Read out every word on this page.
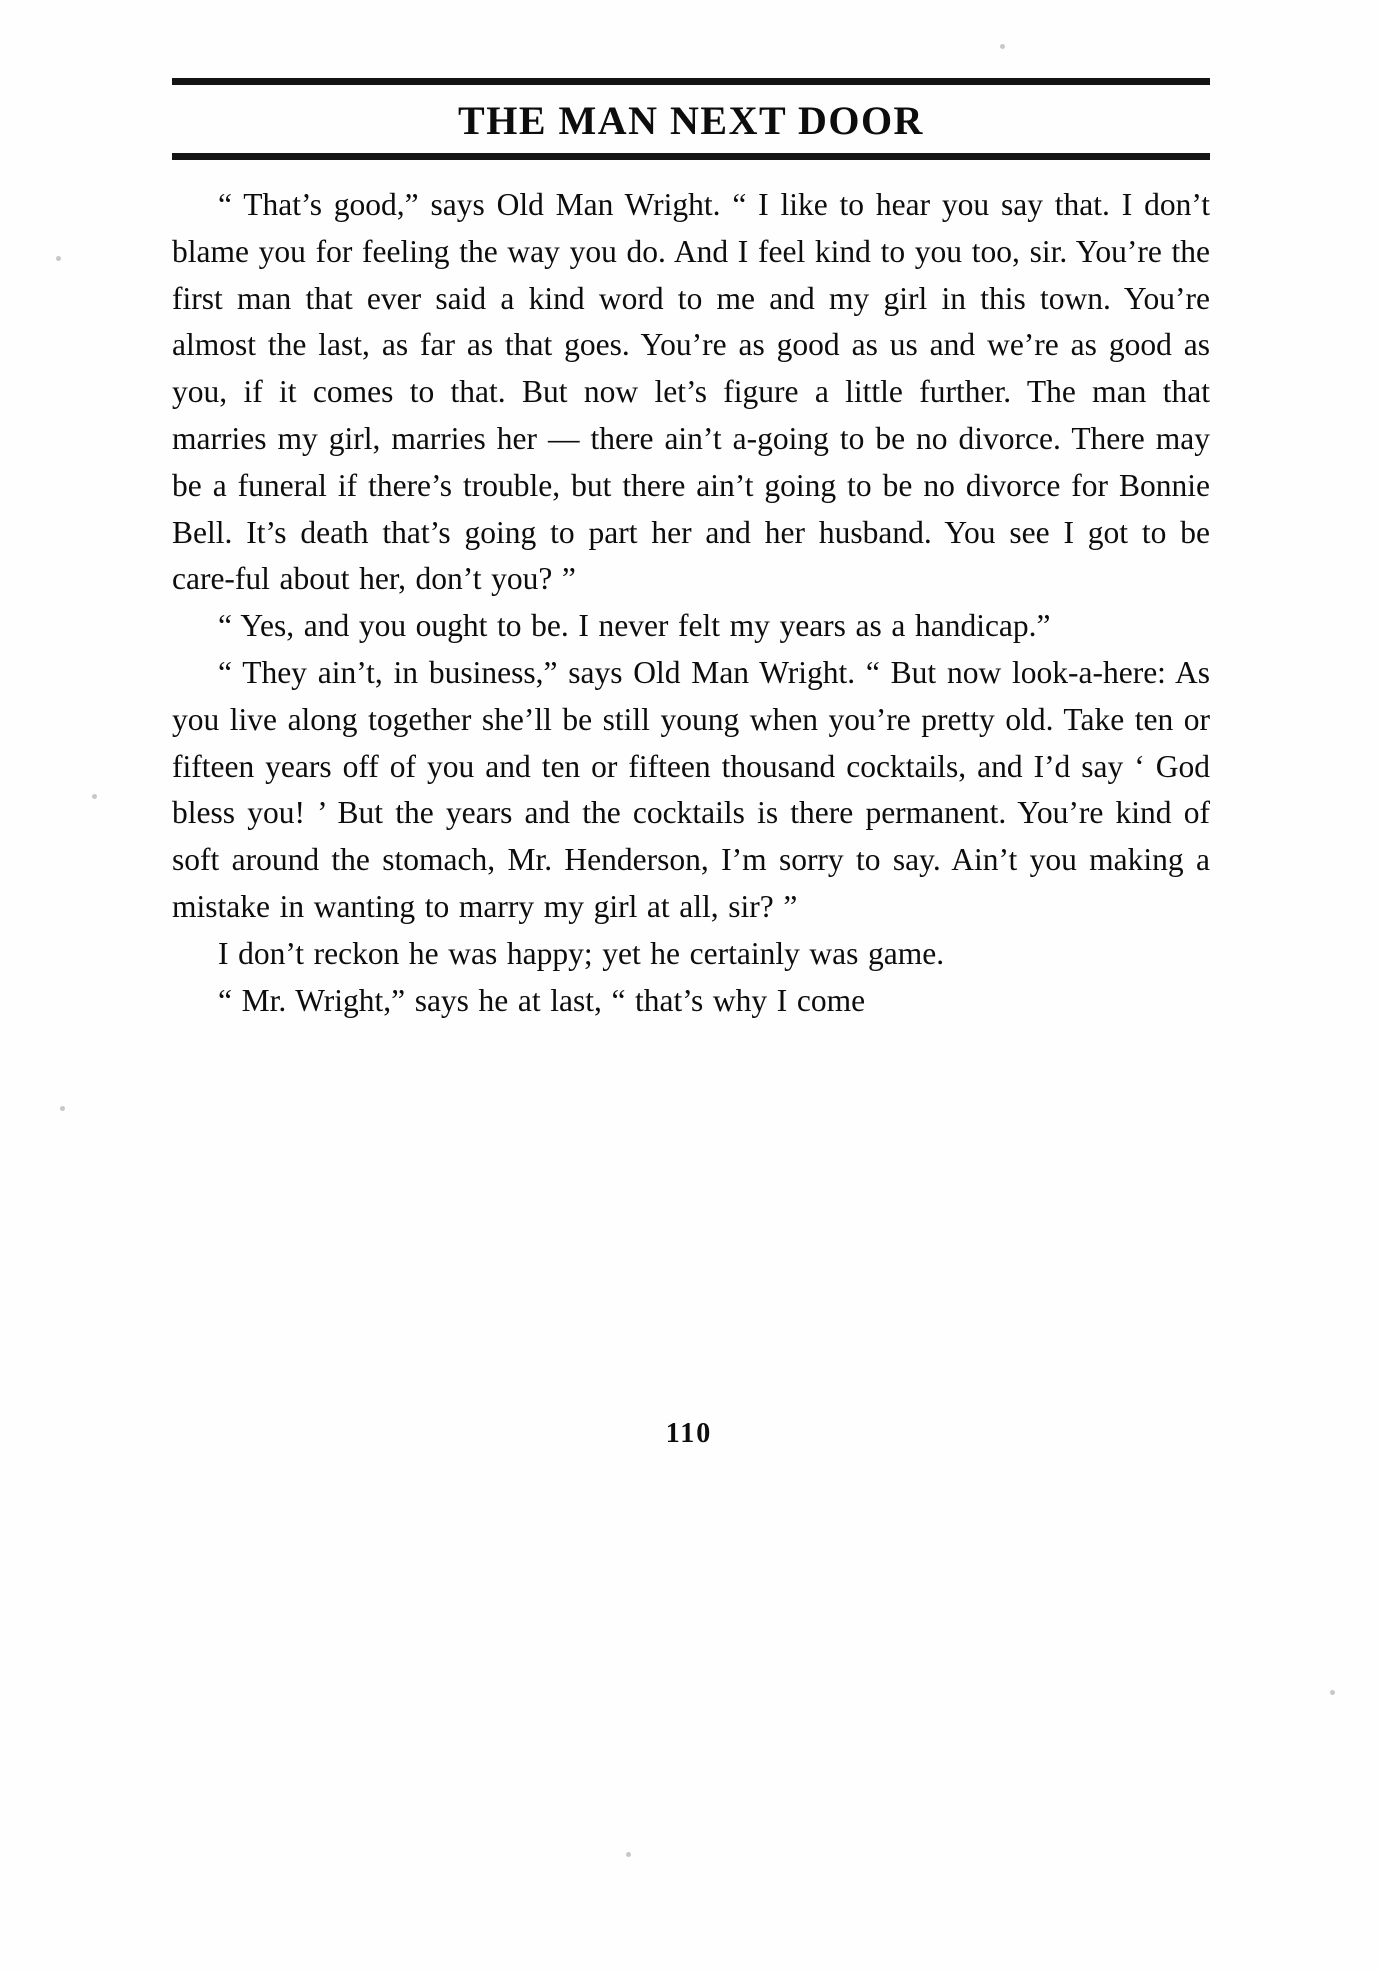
THE MAN NEXT DOOR

“ That’s good,” says Old Man Wright. “ I like to hear you say that. I don’t blame you for feeling the way you do. And I feel kind to you too, sir. You’re the first man that ever said a kind word to me and my girl in this town. You’re almost the last, as far as that goes. You’re as good as us and we’re as good as you, if it comes to that. But now let’s figure a little further. The man that marries my girl, marries her — there ain’t a-going to be no divorce. There may be a funeral if there’s trouble, but there ain’t going to be no divorce for Bonnie Bell. It’s death that’s going to part her and her husband. You see I got to be care‑ful about her, don’t you? ”

“ Yes, and you ought to be. I never felt my years as a handicap.”

“ They ain’t, in business,” says Old Man Wright. “ But now look-a-here: As you live along together she’ll be still young when you’re pretty old. Take ten or fifteen years off of you and ten or fifteen thousand cocktails, and I’d say ‘ God bless you! ’ But the years and the cocktails is there permanent. You’re kind of soft around the stomach, Mr. Henderson, I’m sorry to say. Ain’t you making a mistake in wanting to marry my girl at all, sir? ”

I don’t reckon he was happy; yet he certainly was game.

“ Mr. Wright,” says he at last, “ that’s why I come

110
